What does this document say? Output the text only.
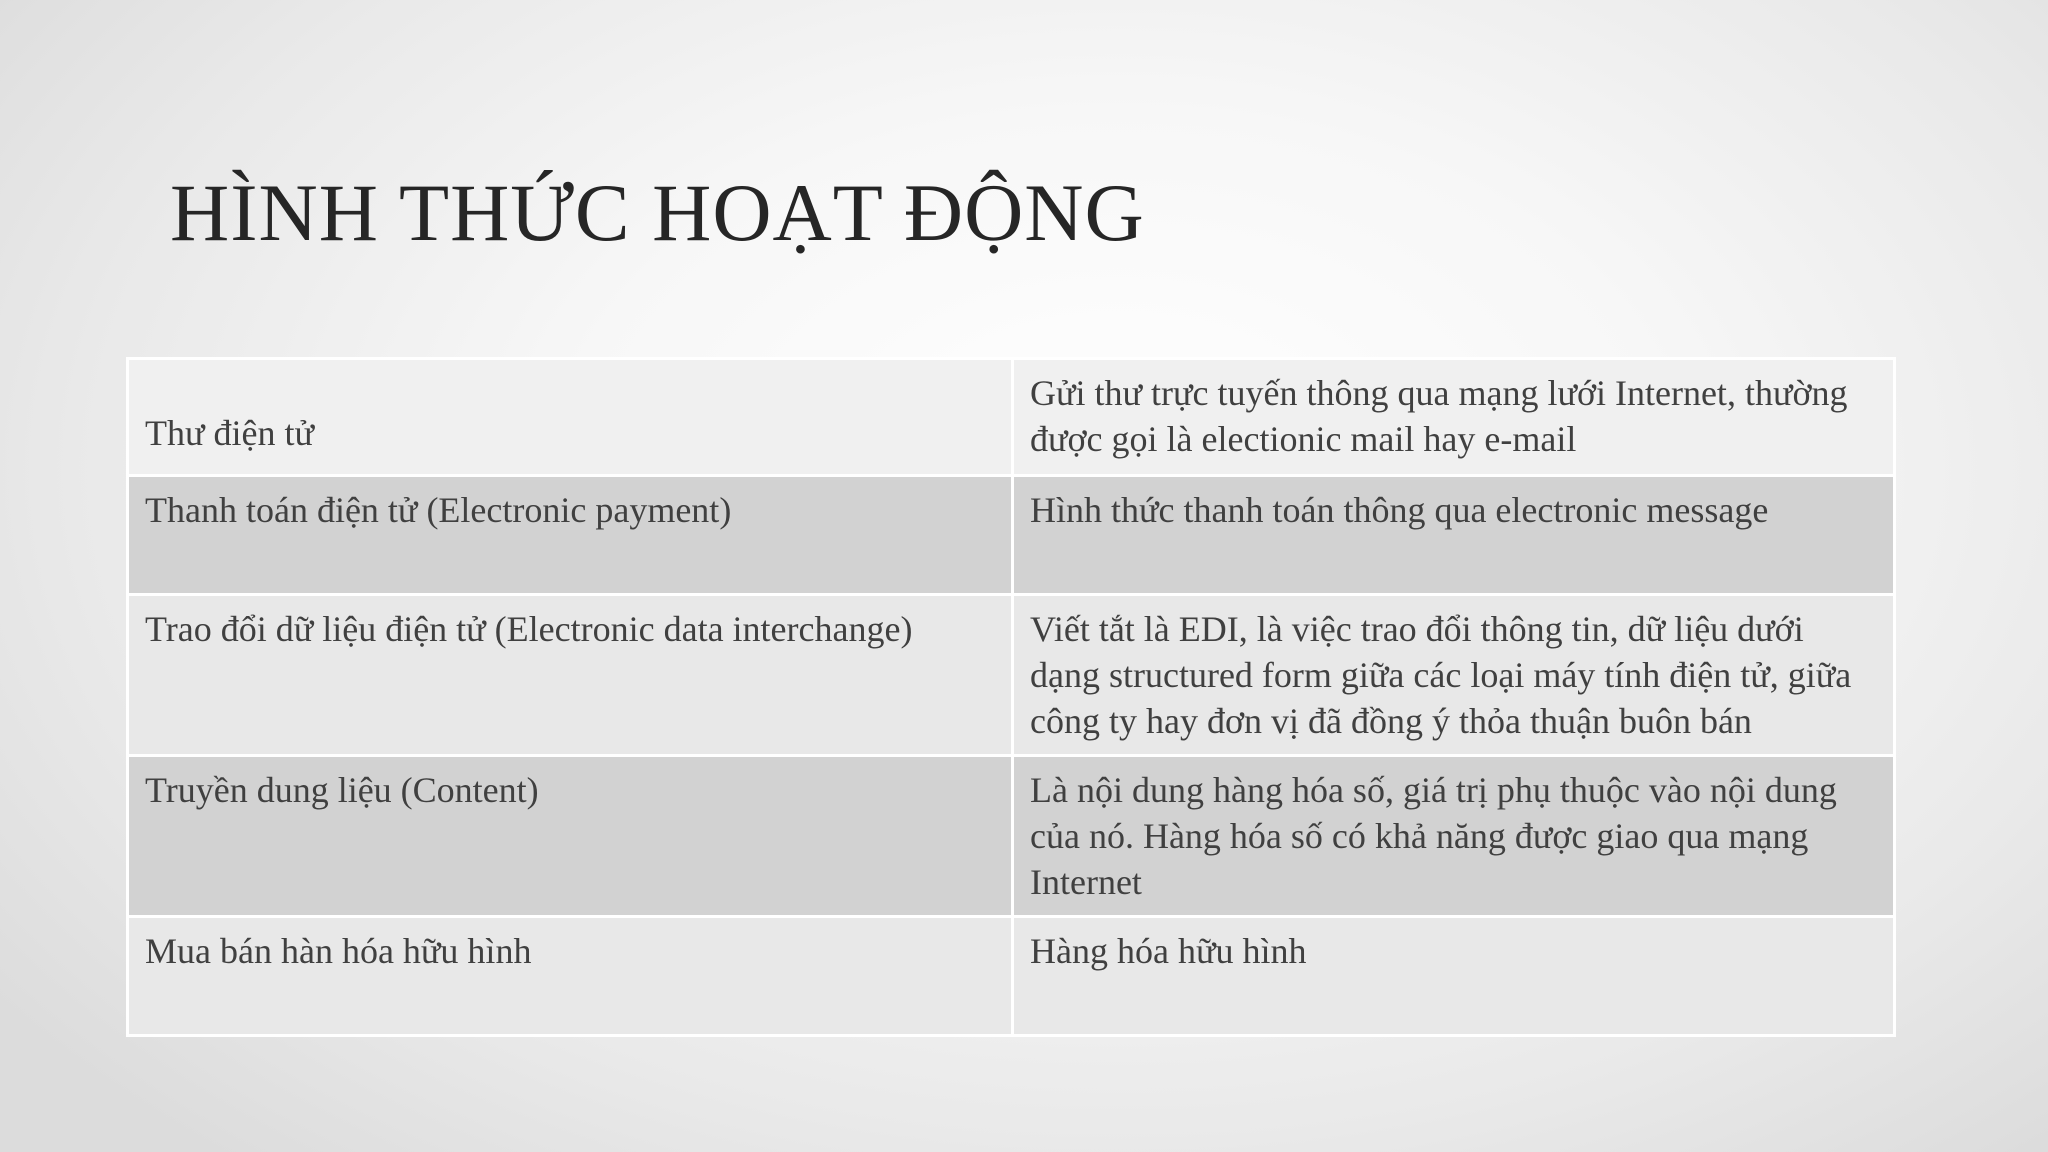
HÌNH THỨC HOẠT ĐỘNG
Thư điện tử	Gửi thư trực tuyến thông qua mạng lưới Internet, thường được gọi là electionic mail hay e-mail
Thanh toán điện tử (Electronic payment)	Hình thức thanh toán thông qua electronic message
Trao đổi dữ liệu điện tử (Electronic data interchange)	Viết tắt là EDI, là việc trao đổi thông tin, dữ liệu dưới dạng structured form giữa các loại máy tính điện tử, giữa công ty hay đơn vị đã đồng ý thỏa thuận buôn bán
Truyền dung liệu (Content)	Là nội dung hàng hóa số, giá trị phụ thuộc vào nội dung của nó. Hàng hóa số có khả năng được giao qua mạng Internet
Mua bán hàn hóa hữu hình	Hàng hóa hữu hình
